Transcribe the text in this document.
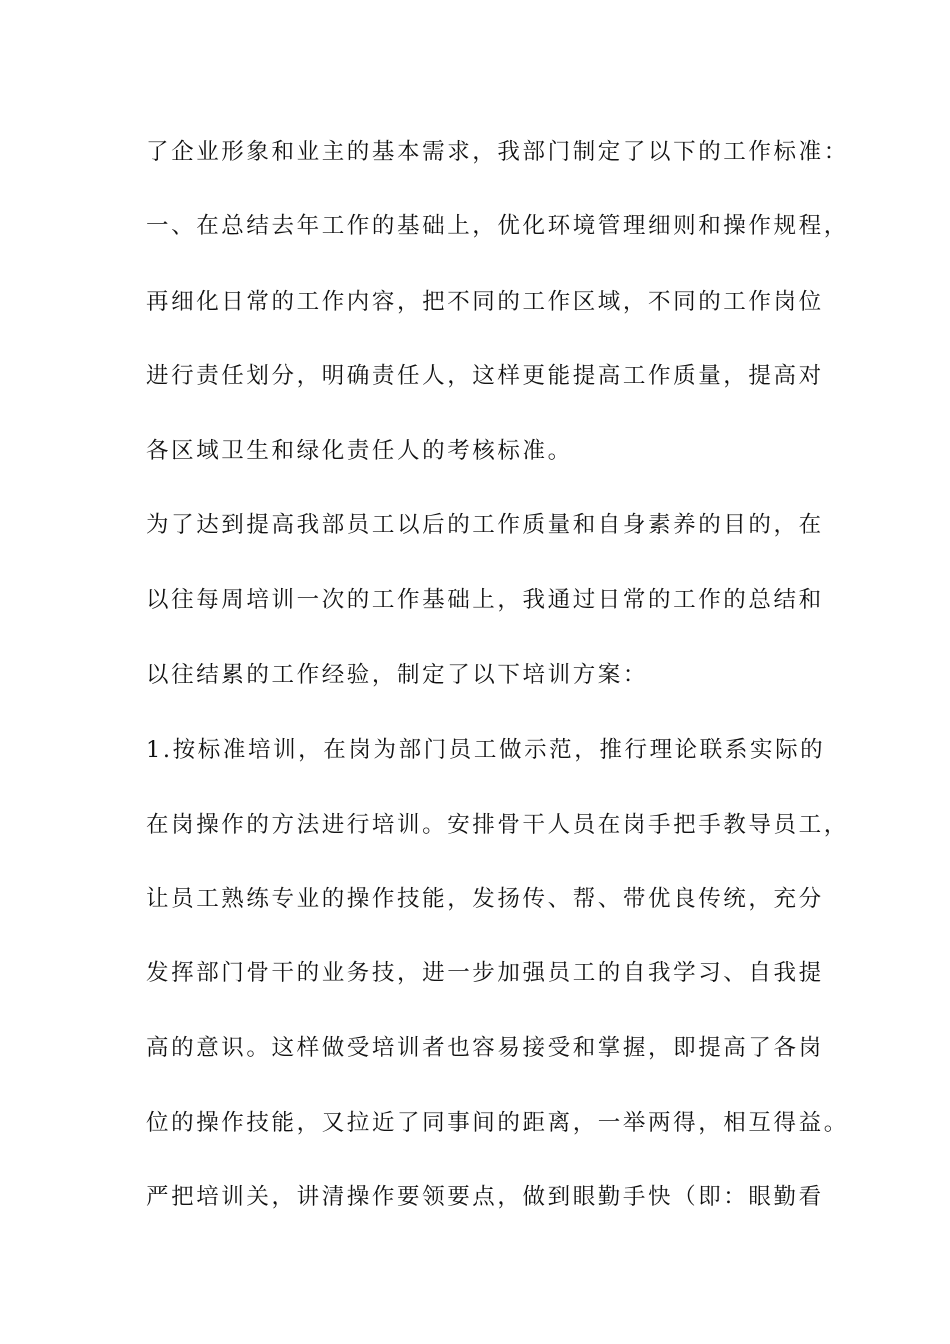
了企业形象和业主的基本需求，我部门制定了以下的工作标准：
一、在总结去年工作的基础上，优化环境管理细则和操作规程，
再细化日常的工作内容，把不同的工作区域，不同的工作岗位
进行责任划分，明确责任人，这样更能提高工作质量，提高对
各区域卫生和绿化责任人的考核标准。
为了达到提高我部员工以后的工作质量和自身素养的目的，在
以往每周培训一次的工作基础上，我通过日常的工作的总结和
以往结累的工作经验，制定了以下培训方案：
1.按标准培训，在岗为部门员工做示范，推行理论联系实际的
在岗操作的方法进行培训。安排骨干人员在岗手把手教导员工，
让员工熟练专业的操作技能，发扬传、帮、带优良传统，充分
发挥部门骨干的业务技，进一步加强员工的自我学习、自我提
高的意识。这样做受培训者也容易接受和掌握，即提高了各岗
位的操作技能，又拉近了同事间的距离，一举两得，相互得益。
严把培训关，讲清操作要领要点，做到眼勤手快（即：眼勤看
